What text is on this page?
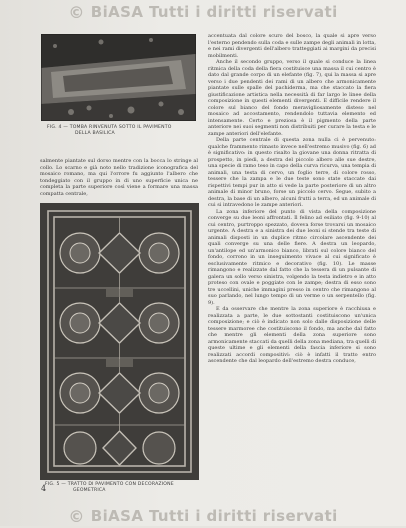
© BiASA Tutti i diritti riservati
FIG. 4 — TOMBA RINVENUTA SOTTO IL PAVIMENTO
DELLA BASILICA

salmente piantate sul dorso mentre con la bocca lo stringe al collo. Lo scarno e già noto nello tradizione iconografica del mosaico romano, ma qui l'orrore fu aggiunto l'albero che tondeggiato con il gruppo in di uno superficie unica ne completa la parte superiore così viene a formare una massa compatta centrale,

FIG. 5 — TRATTO DI PAVIMENTO CON DECORAZIONE
GEOMETRICA
4

accentuata dal colore scuro del bosco, la quale si apre verso l'esterno pendendo sulla coda e sulle zampe degli animali in lotta, e nei rami divergenti dell'albero tratteggiati ai margini da precisi mobilmenti.

Anche il secondo gruppo, verso il quale si conduce la linea ritmica della coda della fiera costituisce una massa il cui centro è dato dal grande corpo di un elefante (fig. 7), qui la massa si apre verso i due pendenti dei rami di un albero che armonicamente piantate sulle spalle del pachiderma, ma che staccato la fiera giustificazione artistica nella necessità di far largo le linee della composizione in questi elementi divergenti. E difficile rendere il colore sul bianco del fondo meravigliosamente disteso nel mosaico ad accostamento, rendendolo tuttavia elemento ed intensamente. Certo e preziosa è il pigmento della parte anteriore nei suoi segmenti non distribuiti per curare la testa e le zampe anteriori dell'elefante.

Della parte centrale di questa zona nulla ci è pervenuto: qualche frammento rimasto invece nell'estremo musivo (fig. 6) ad è significativo: in questo risalto la giovane una donna ritratta di prospetto, in piedi, a destra del piccolo albero alle sue destre, una specie di ramo teso in capo della curva ricurva, una tempia di animali, una testa di cervo, un foglio terre, di colore rosso, tessere che la zampa e le due teste sono state staccate dai rispettivi tempi pur in atto si vede la parte posteriore di un altro animale di minor bruno, forse un piccolo cervo. Segue, subito a destra, la base di un albero, alcuni frutti a terra, ed un animale di cui si intravedono le zampe anteriori.

La zona inferiore del punto di vista della composizione converge su due leoni affrontati. Il felino ad esiliato (fig. 9-10) al cui centro, purtroppo spezzato, doveva forse trovarsi un mosaico urgente. A destra e a sinistra dei due leoni si stende tra teste di animali disposti in un duplice ritmo circolare ascendente dei quali converge su una delle fiere. A destra un leopardo, un'antilope ed un'armonico bianco, librati sul colore bianco del fondo, corrono in un inseguimento vivace al cui significato è esclusivamente ritmico e decorativo (fig. 10). Le masse rimangono e realizzate dal fatto che la tessera di un pulsante di galera un sollo verso sinistra, volgendo la testa indietro e in atto proteso con ovale e poggiate con le zampe; destra di esso sono tre uccellini, uniche immagini presso in centro che rimangono al suo parlando, nel lungo tempo di un verme o un serpentello (fig. 9).

E da osservare che mentre la zona superiore è racchiusa e realizzata a parte, le due sottostanti costituiscono un'unica composizione; e ciò è indicato non solo dalle disposizione delle tessere marmoree che costituiscono il fondo, ma anche dal fatto che mentre gli elementi della zona superiore sono armonicamente staccati da quelli della zona mediana, tra quelli di queste ultime e gli elementi della fascia inferiore si sono realizzati accordi compositivi: ciò è infatti il tratto entro ascendente che dal leopardo dell'estremo destra conduce,

© BiASA Tutti i diritti riservati
